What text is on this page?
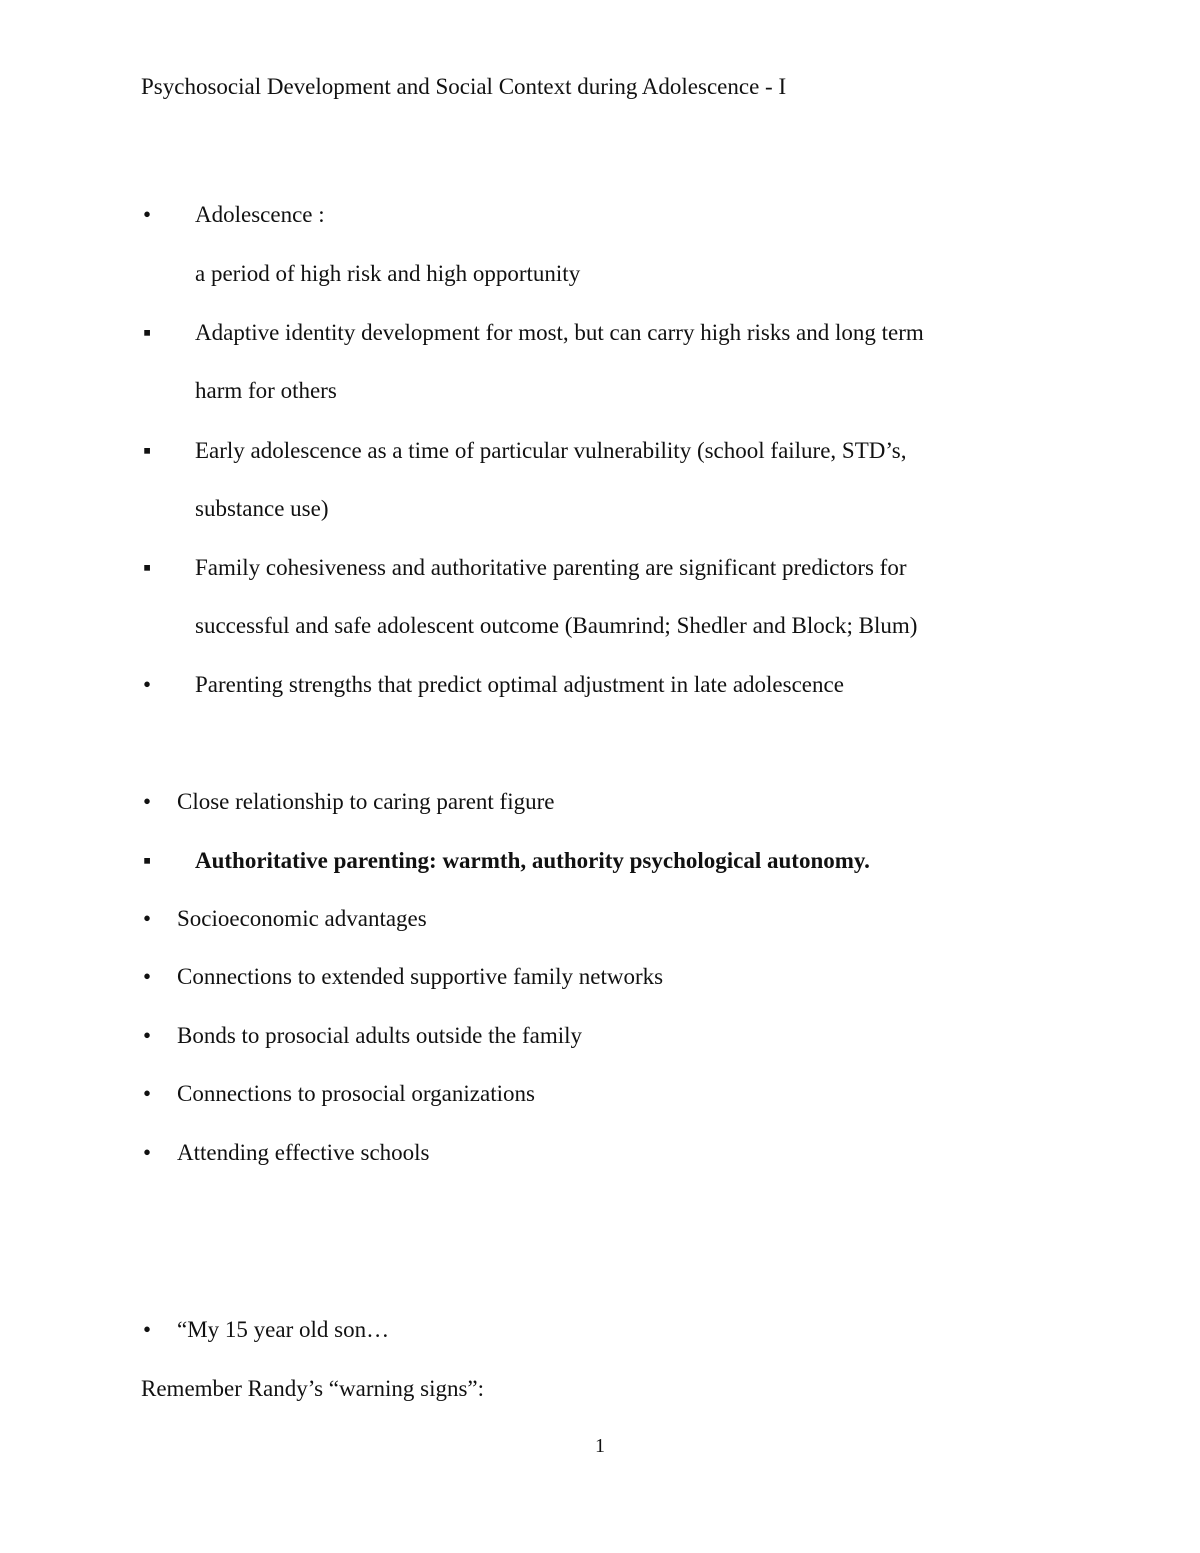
Psychosocial Development and Social Context during Adolescence - I
• Adolescence :
a period of high risk and high opportunity
▪ Adaptive identity development for most, but can carry high risks and long term
harm for others
▪ Early adolescence as a time of particular vulnerability (school failure, STD’s,
substance use)
▪ Family cohesiveness and authoritative parenting are significant predictors for
successful and safe adolescent outcome (Baumrind; Shedler and Block; Blum)
• Parenting strengths that predict optimal adjustment in late adolescence
• Close relationship to caring parent figure
▪ Authoritative parenting: warmth, authority psychological autonomy.
• Socioeconomic advantages
• Connections to extended supportive family networks
• Bonds to prosocial adults outside the family
• Connections to prosocial organizations
• Attending effective schools
• “My 15 year old son…
Remember Randy’s “warning signs”:
1
